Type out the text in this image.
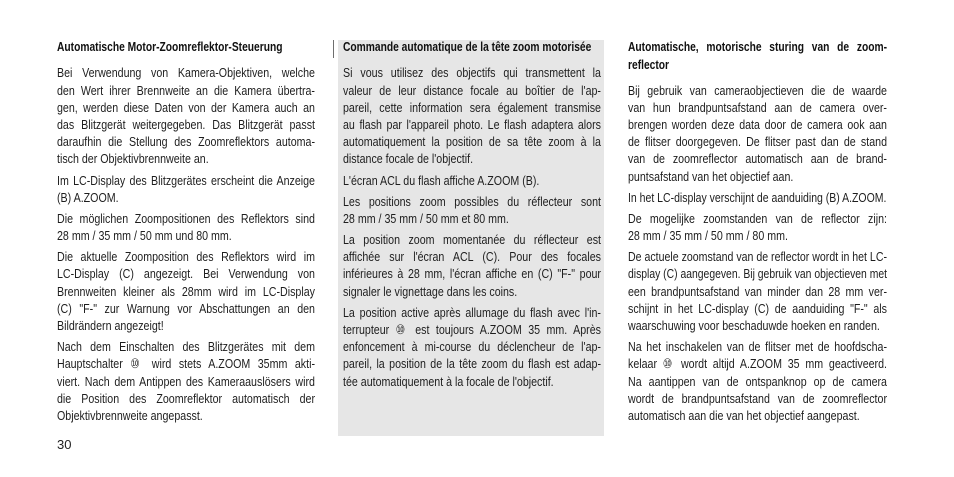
Automatische Motor-Zoomreflektor-Steuerung
Bei Verwendung von Kamera-Objektiven, welche
den Wert ihrer Brennweite an die Kamera übertra-
gen, werden diese Daten von der Kamera auch an
das Blitzgerät weitergegeben. Das Blitzgerät passt
daraufhin die Stellung des Zoomreflektors automa-
tisch der Objektivbrennweite an.
Im LC-Display des Blitzgerätes erscheint die Anzeige
(B) A.ZOOM.
Die möglichen Zoompositionen des Reflektors sind
28 mm / 35 mm / 50 mm und 80 mm.
Die aktuelle Zoomposition des Reflektors wird im
LC-Display (C) angezeigt. Bei Verwendung von
Brennweiten kleiner als 28mm wird im LC-Display
(C) "F-" zur Warnung vor Abschattungen an den
Bildrändern angezeigt!
Nach dem Einschalten des Blitzgerätes mit dem
Hauptschalter ⑩ wird stets A.ZOOM 35mm akti-
viert. Nach dem Antippen des Kameraauslösers wird
die Position des Zoomreflektor automatisch der
Objektivbrennweite angepasst.
Commande automatique de la tête zoom motorisée
Si vous utilisez des objectifs qui transmettent la
valeur de leur distance focale au boîtier de l'ap-
pareil, cette information sera également transmise
au flash par l'appareil photo. Le flash adaptera alors
automatiquement la position de sa tête zoom à la
distance focale de l'objectif.
L'écran ACL du flash affiche A.ZOOM (B).
Les positions zoom possibles du réflecteur sont
28 mm / 35 mm / 50 mm et 80 mm.
La position zoom momentanée du réflecteur est
affichée sur l'écran ACL (C). Pour des focales
inférieures à 28 mm, l'écran affiche en (C) "F-" pour
signaler le vignettage dans les coins.
La position active après allumage du flash avec l'in-
terrupteur ⑩ est toujours A.ZOOM 35 mm. Après
enfoncement à mi-course du déclencheur de l'ap-
pareil, la position de la tête zoom du flash est adap-
tée automatiquement à la focale de l'objectif.
Automatische, motorische sturing van de zoom-
reflector
Bij gebruik van cameraobjectieven die de waarde
van hun brandpuntsafstand aan de camera over-
brengen worden deze data door de camera ook aan
de flitser doorgegeven. De flitser past dan de stand
van de zoomreflector automatisch aan de brand-
puntsafstand van het objectief aan.
In het LC-display verschijnt de aanduiding (B) A.ZOOM.
De mogelijke zoomstanden van de reflector zijn:
28 mm / 35 mm / 50 mm / 80 mm.
De actuele zoomstand van de reflector wordt in het LC-
display (C) aangegeven. Bij gebruik van objectieven met
een brandpuntsafstand van minder dan 28 mm ver-
schijnt in het LC-display (C) de aanduiding "F-" als
waarschuwing voor beschaduwde hoeken en randen.
Na het inschakelen van de flitser met de hoofdscha-
kelaar ⑩ wordt altijd A.ZOOM 35 mm geactiveerd.
Na aantippen van de ontspanknop op de camera
wordt de brandpuntsafstand van de zoomreflector
automatisch aan die van het objectief aangepast.
30
